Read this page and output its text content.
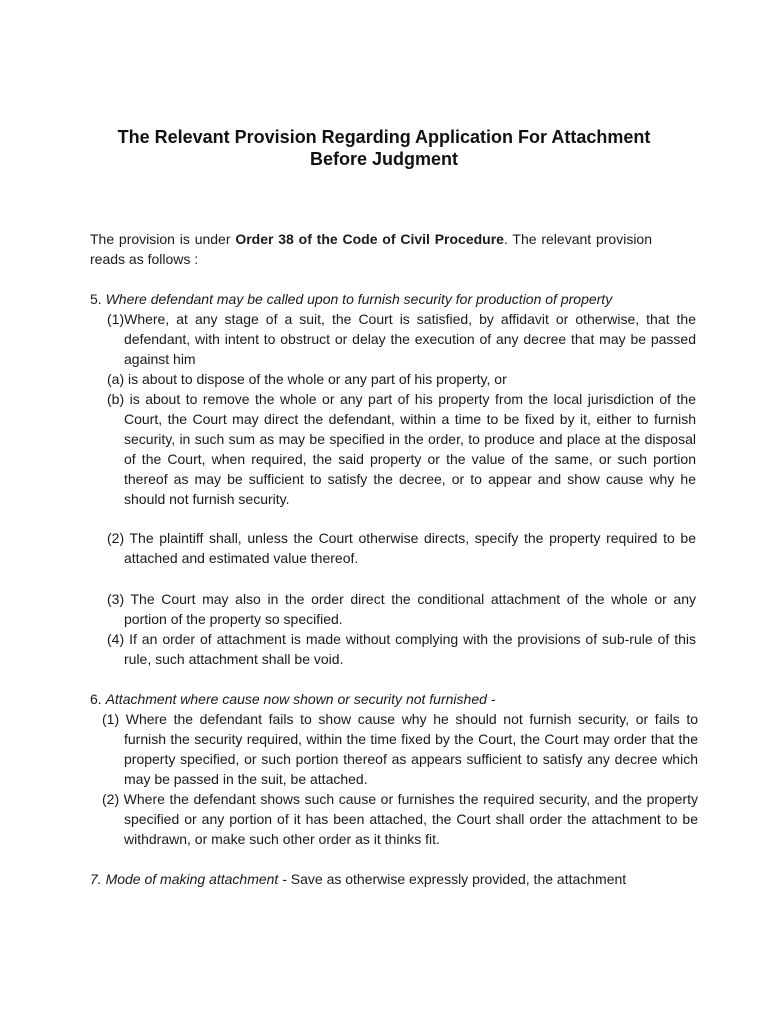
The Relevant Provision Regarding Application For Attachment
Before Judgment
The provision is under Order 38 of the Code of Civil Procedure. The relevant provision reads as follows :
5. Where defendant may be called upon to furnish security for production of property
(1)Where, at any stage of a suit, the Court is satisfied, by affidavit or otherwise, that the defendant, with intent to obstruct or delay the execution of any decree that may be passed against him
(a) is about to dispose of the whole or any part of his property, or
(b) is about to remove the whole or any part of his property from the local jurisdiction of the Court, the Court may direct the defendant, within a time to be fixed by it, either to furnish security, in such sum as may be specified in the order, to produce and place at the disposal of the Court, when required, the said property or the value of the same, or such portion thereof as may be sufficient to satisfy the decree, or to appear and show cause why he should not furnish security.
(2) The plaintiff shall, unless the Court otherwise directs, specify the property required to be attached and estimated value thereof.
(3) The Court may also in the order direct the conditional attachment of the whole or any portion of the property so specified.
(4) If an order of attachment is made without complying with the provisions of sub-rule of this rule, such attachment shall be void.
6. Attachment where cause now shown or security not furnished -
(1) Where the defendant fails to show cause why he should not furnish security, or fails to furnish the security required, within the time fixed by the Court, the Court may order that the property specified, or such portion thereof as appears sufficient to satisfy any decree which may be passed in the suit, be attached.
(2) Where the defendant shows such cause or furnishes the required security, and the property specified or any portion of it has been attached, the Court shall order the attachment to be withdrawn, or make such other order as it thinks fit.
7. Mode of making attachment - Save as otherwise expressly provided, the attachment
